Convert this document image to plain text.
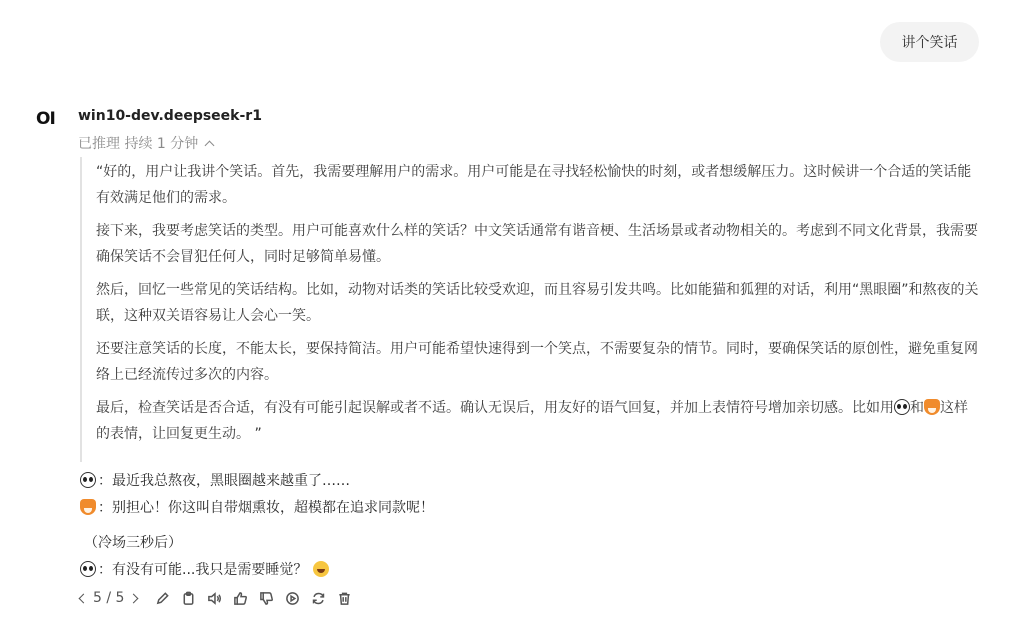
讲个笑话
OI win10-dev.deepseek-r1
已推理 持续 1 分钟

“好的，用户让我讲个笑话。首先，我需要理解用户的需求。用户可能是在寻找轻松愉快的时刻，或者想缓解压力。这时候讲一个合适的笑话能有效满足他们的需求。

接下来，我要考虑笑话的类型。用户可能喜欢什么样的笑话？中文笑话通常有谐音梗、生活场景或者动物相关的。考虑到不同文化背景，我需要确保笑话不会冒犯任何人，同时足够简单易懂。

然后，回忆一些常见的笑话结构。比如，动物对话类的笑话比较受欢迎，而且容易引发共鸣。比如能猫和狐狸的对话，利用“黑眼圈”和熬夜的关联，这种双关语容易让人会心一笑。

还要注意笑话的长度，不能太长，要保持简洁。用户可能希望快速得到一个笑点，不需要复杂的情节。同时，要确保笑话的原创性，避免重复网络上已经流传过多次的内容。

最后，检查笑话是否合适，有没有可能引起误解或者不适。确认无误后，用友好的语气回复，并加上表情符号增加亲切感。比如用 和 这样的表情，让回复更生动。 ”

：最近我总熬夜，黑眼圈越来越重了……
：别担心！你这叫自带烟熏妆，超模都在追求同款呢！
（冷场三秒后）
：有没有可能...我只是需要睡觉？
5 / 5
